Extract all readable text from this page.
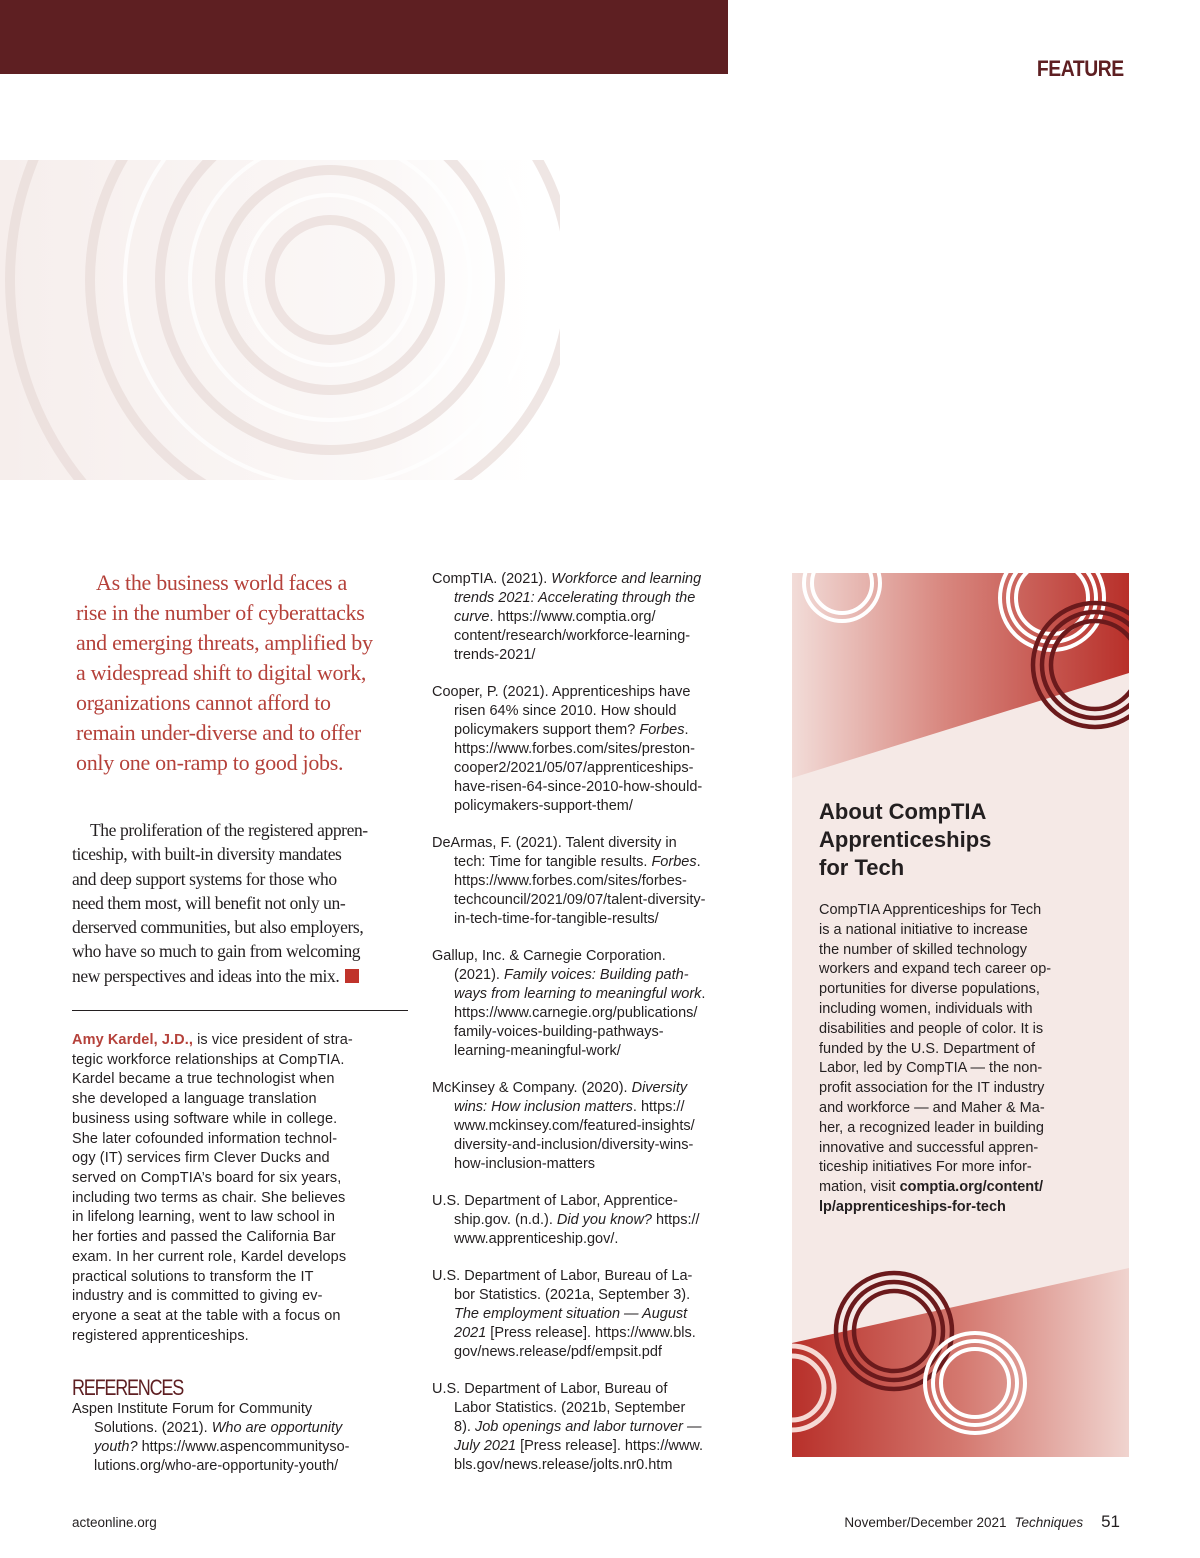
FEATURE
As the business world faces a
rise in the number of cyberattacks
and emerging threats, amplified by
a widespread shift to digital work,
organizations cannot afford to
remain under-diverse and to offer
only one on-ramp to good jobs.
The proliferation of the registered appren-
ticeship, with built-in diversity mandates
and deep support systems for those who
need them most, will benefit not only un-
derserved communities, but also employers,
who have so much to gain from welcoming
new perspectives and ideas into the mix.
Amy Kardel, J.D., is vice president of stra-
tegic workforce relationships at CompTIA.
Kardel became a true technologist when
she developed a language translation
business using software while in college.
She later cofounded information technol-
ogy (IT) services firm Clever Ducks and
served on CompTIA’s board for six years,
including two terms as chair. She believes
in lifelong learning, went to law school in
her forties and passed the California Bar
exam. In her current role, Kardel develops
practical solutions to transform the IT
industry and is committed to giving ev-
eryone a seat at the table with a focus on
registered apprenticeships.
REFERENCES
Aspen Institute Forum for Community
Solutions. (2021). Who are opportunity
youth? https://www.aspencommunityso-
lutions.org/who-are-opportunity-youth/
CompTIA. (2021). Workforce and learning
trends 2021: Accelerating through the
curve. https://www.comptia.org/
content/research/workforce-learning-
trends-2021/
Cooper, P. (2021). Apprenticeships have
risen 64% since 2010. How should
policymakers support them? Forbes.
https://www.forbes.com/sites/preston-
cooper2/2021/05/07/apprenticeships-
have-risen-64-since-2010-how-should-
policymakers-support-them/
DeArmas, F. (2021). Talent diversity in
tech: Time for tangible results. Forbes.
https://www.forbes.com/sites/forbes-
techcouncil/2021/09/07/talent-diversity-
in-tech-time-for-tangible-results/
Gallup, Inc. & Carnegie Corporation.
(2021). Family voices: Building path-
ways from learning to meaningful work.
https://www.carnegie.org/publications/
family-voices-building-pathways-
learning-meaningful-work/
McKinsey & Company. (2020). Diversity
wins: How inclusion matters. https://
www.mckinsey.com/featured-insights/
diversity-and-inclusion/diversity-wins-
how-inclusion-matters
U.S. Department of Labor, Apprentice-
ship.gov. (n.d.). Did you know? https://
www.apprenticeship.gov/.
U.S. Department of Labor, Bureau of La-
bor Statistics. (2021a, September 3).
The employment situation — August
2021 [Press release]. https://www.bls.
gov/news.release/pdf/empsit.pdf
U.S. Department of Labor, Bureau of
Labor Statistics. (2021b, September
8). Job openings and labor turnover —
July 2021 [Press release]. https://www.
bls.gov/news.release/jolts.nr0.htm
About CompTIA
Apprenticeships
for Tech
CompTIA Apprenticeships for Tech
is a national initiative to increase
the number of skilled technology
workers and expand tech career op-
portunities for diverse populations,
including women, individuals with
disabilities and people of color. It is
funded by the U.S. Department of
Labor, led by CompTIA — the non-
profit association for the IT industry
and workforce — and Maher & Ma-
her, a recognized leader in building
innovative and successful appren-
ticeship initiatives For more infor-
mation, visit comptia.org/content/
lp/apprenticeships-for-tech
acteonline.org	November/December 2021 Techniques 51
